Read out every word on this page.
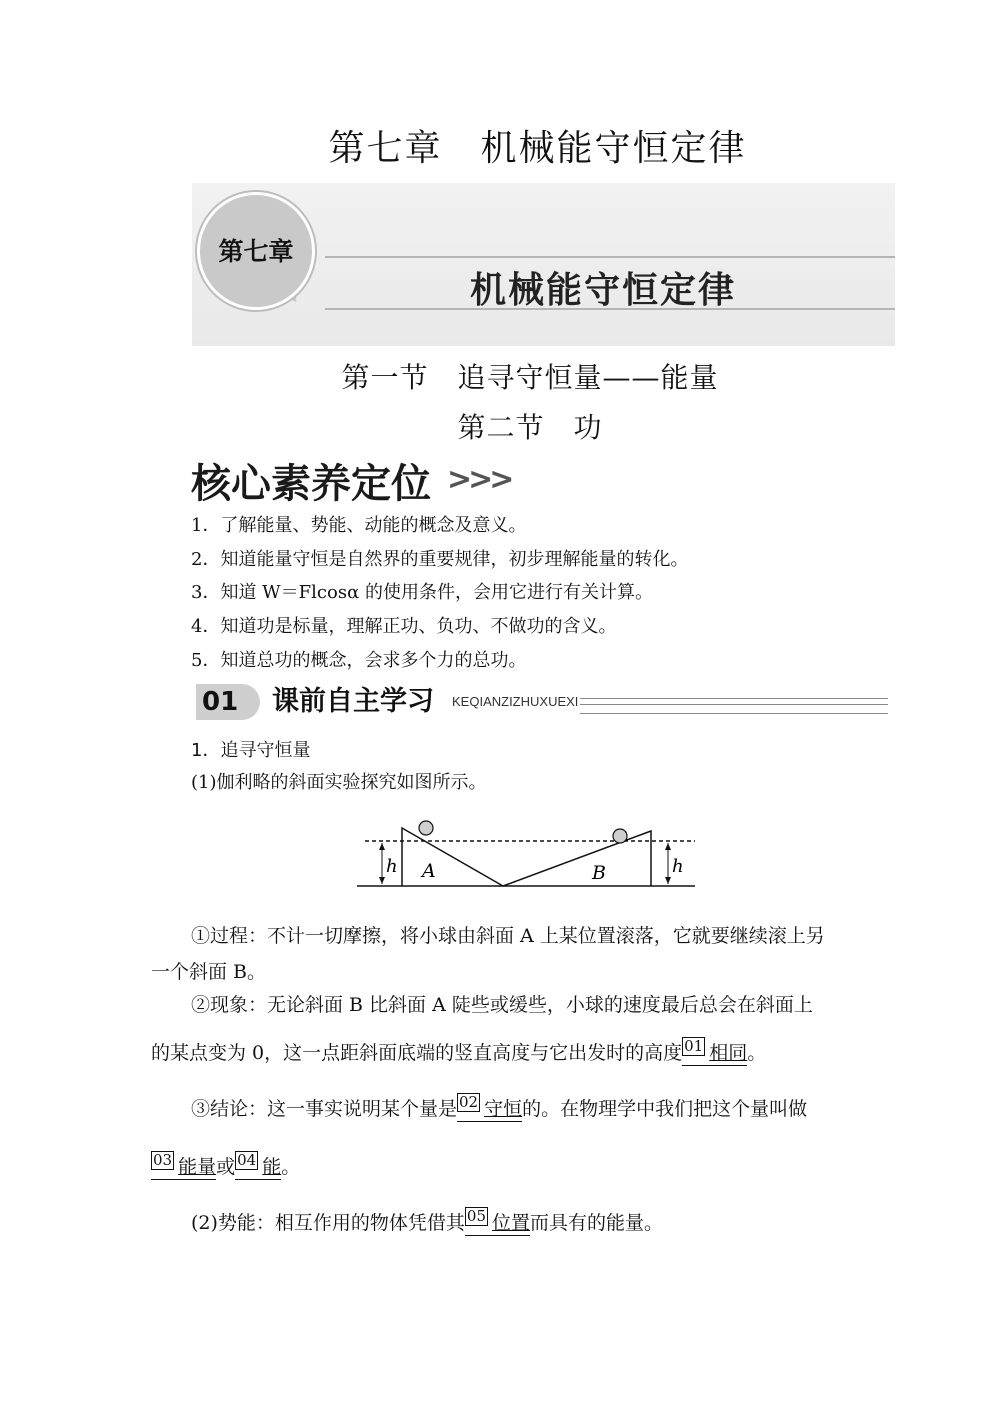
第七章　机械能守恒定律
第七章
机械能守恒定律
第一节　追寻守恒量——能量
第二节　功
核心素养定位 >>>
1．了解能量、势能、动能的概念及意义。
2．知道能量守恒是自然界的重要规律，初步理解能量的转化。
3．知道 W＝Flcosα 的使用条件，会用它进行有关计算。
4．知道功是标量，理解正功、负功、不做功的含义。
5．知道总功的概念，会求多个力的总功。
01	课前自主学习 KEQIANZIZHUXUEXI
1．追寻守恒量
(1)伽利略的斜面实验探究如图所示。
h	h
A	B
①过程：不计一切摩擦，将小球由斜面 A 上某位置滚落，它就要继续滚上另
一个斜面 B。
②现象：无论斜面 B 比斜面 A 陡些或缓些，小球的速度最后总会在斜面上
的某点变为 0，这一点距斜面底端的竖直高度与它出发时的高度 01 相同。
③结论：这一事实说明某个量是 02 守恒的。在物理学中我们把这个量叫做
03 能量或 04 能。
(2)势能：相互作用的物体凭借其 05 位置而具有的能量。
